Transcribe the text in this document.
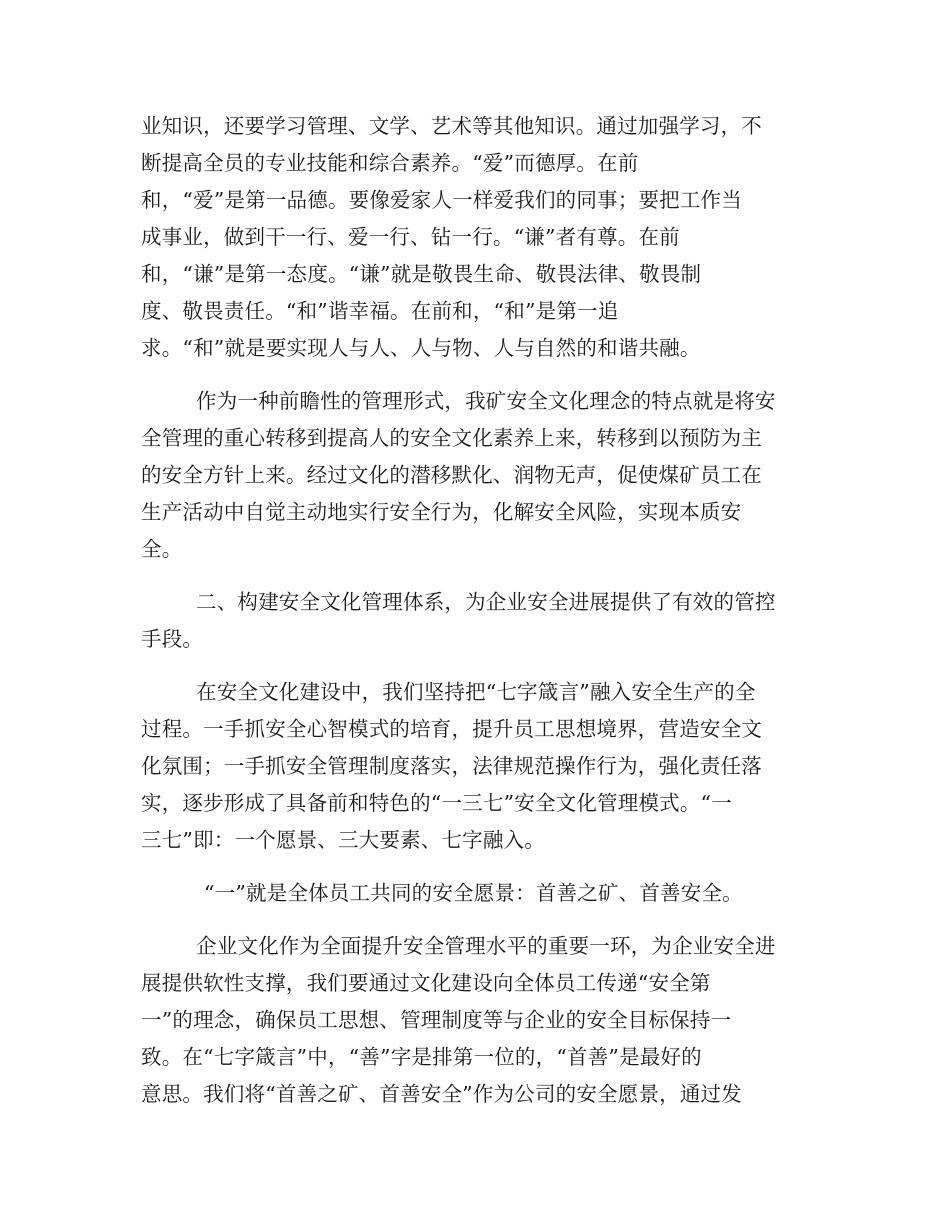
业知识，还要学习管理、文学、艺术等其他知识。通过加强学习，不
断提高全员的专业技能和综合素养。“爱”而德厚。在前
和，“爱”是第一品德。要像爱家人一样爱我们的同事；要把工作当
成事业，做到干一行、爱一行、钻一行。“谦”者有尊。在前
和，“谦”是第一态度。“谦”就是敬畏生命、敬畏法律、敬畏制
度、敬畏责任。“和”谐幸福。在前和，“和”是第一追
求。“和”就是要实现人与人、人与物、人与自然的和谐共融。
作为一种前瞻性的管理形式，我矿安全文化理念的特点就是将安
全管理的重心转移到提高人的安全文化素养上来，转移到以预防为主
的安全方针上来。经过文化的潜移默化、润物无声，促使煤矿员工在
生产活动中自觉主动地实行安全行为，化解安全风险，实现本质安
全。
二、构建安全文化管理体系，为企业安全进展提供了有效的管控
手段。
在安全文化建设中，我们坚持把“七字箴言”融入安全生产的全
过程。一手抓安全心智模式的培育，提升员工思想境界，营造安全文
化氛围；一手抓安全管理制度落实，法律规范操作行为，强化责任落
实，逐步形成了具备前和特色的“一三七”安全文化管理模式。“一
三七”即：一个愿景、三大要素、七字融入。
“一”就是全体员工共同的安全愿景：首善之矿、首善安全。
企业文化作为全面提升安全管理水平的重要一环，为企业安全进
展提供软性支撑，我们要通过文化建设向全体员工传递“安全第
一”的理念，确保员工思想、管理制度等与企业的安全目标保持一
致。在“七字箴言”中，“善”字是排第一位的，“首善”是最好的
意思。我们将“首善之矿、首善安全”作为公司的安全愿景，通过发
